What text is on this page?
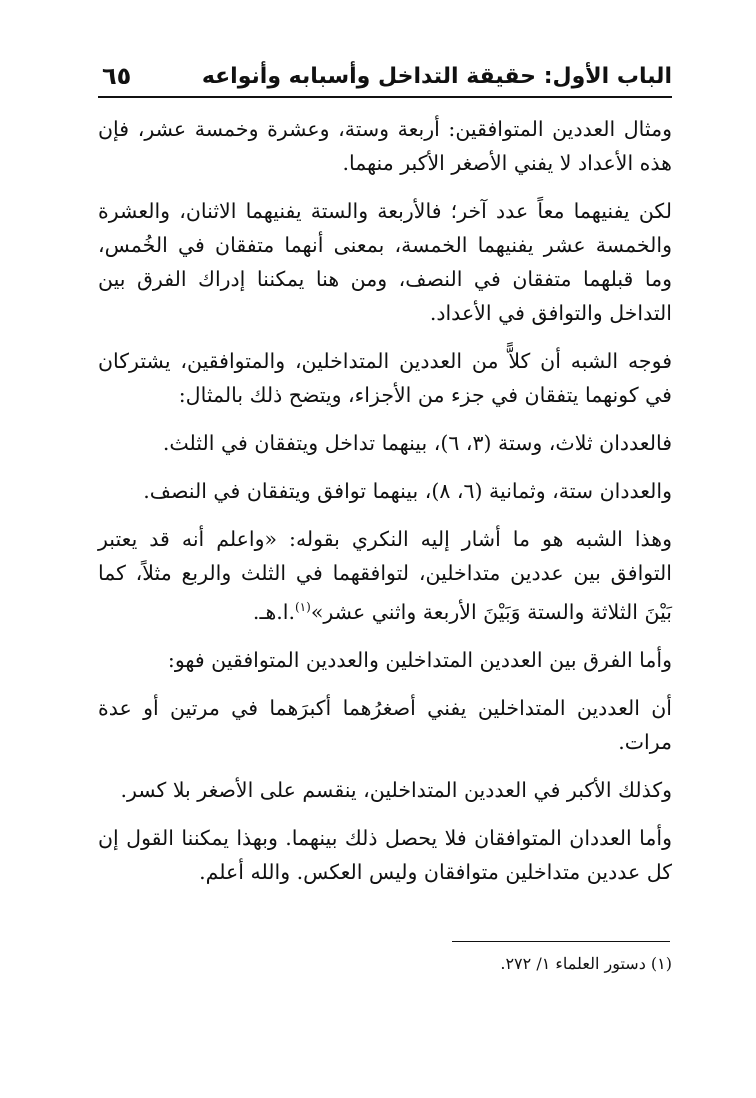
الباب الأول: حقيقة التداخل وأسبابه وأنواعه
٦٥

ومثال العددين المتوافقين: أربعة وستة، وعشرة وخمسة عشر، فإن هذه الأعداد لا يفني الأصغر الأكبر منهما.

لكن يفنيهما معاً عدد آخر؛ فالأربعة والستة يفنيهما الاثنان، والعشرة والخمسة عشر يفنيهما الخمسة، بمعنى أنهما متفقان في الخُمس، وما قبلهما متفقان في النصف، ومن هنا يمكننا إدراك الفرق بين التداخل والتوافق في الأعداد.

فوجه الشبه أن كلاًّ من العددين المتداخلين، والمتوافقين، يشتركان في كونهما يتفقان في جزء من الأجزاء، ويتضح ذلك بالمثال:

فالعددان ثلاث، وستة (٣، ٦)، بينهما تداخل ويتفقان في الثلث.

والعددان ستة، وثمانية (٦، ٨)، بينهما توافق ويتفقان في النصف.

وهذا الشبه هو ما أشار إليه النكري بقوله: «واعلم أنه قد يعتبر التوافق بين عددين متداخلين، لتوافقهما في الثلث والربع مثلاً، كما بَيْنَ الثلاثة والستة وَبَيْنَ الأربعة واثني عشر»$^{(١)}$.ا.هـ.

وأما الفرق بين العددين المتداخلين والعددين المتوافقين فهو:

أن العددين المتداخلين يفني أصغرُهما أكبرَهما في مرتين أو عدة مرات.

وكذلك الأكبر في العددين المتداخلين، ينقسم على الأصغر بلا كسر.

وأما العددان المتوافقان فلا يحصل ذلك بينهما. وبهذا يمكننا القول إن كل عددين متداخلين متوافقان وليس العكس. والله أعلم.

(١) دستور العلماء ١/ ٢٧٢.
